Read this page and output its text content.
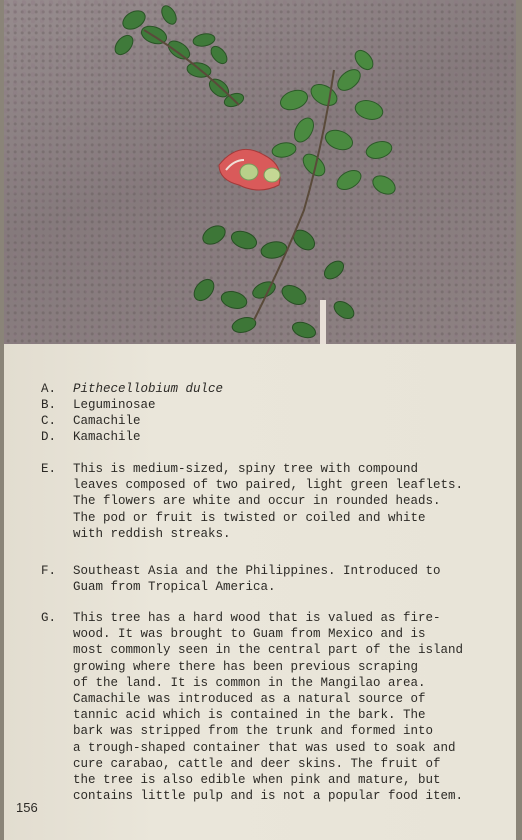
A. Pithecellobium dulce
B. Leguminosae
C. Camachile
D. Kamachile
E. This is medium-sized, spiny tree with compound
leaves composed of two paired, light green leaflets.
The flowers are white and occur in rounded heads.
The pod or fruit is twisted or coiled and white
with reddish streaks.
F. Southeast Asia and the Philippines. Introduced to
Guam from Tropical America.
G. This tree has a hard wood that is valued as fire-
wood. It was brought to Guam from Mexico and is
most commonly seen in the central part of the island
growing where there has been previous scraping
of the land. It is common in the Mangilao area.
Camachile was introduced as a natural source of
tannic acid which is contained in the bark. The
bark was stripped from the trunk and formed into
a trough-shaped container that was used to soak and
cure carabao, cattle and deer skins. The fruit of
the tree is also edible when pink and mature, but
contains little pulp and is not a popular food item.
156
